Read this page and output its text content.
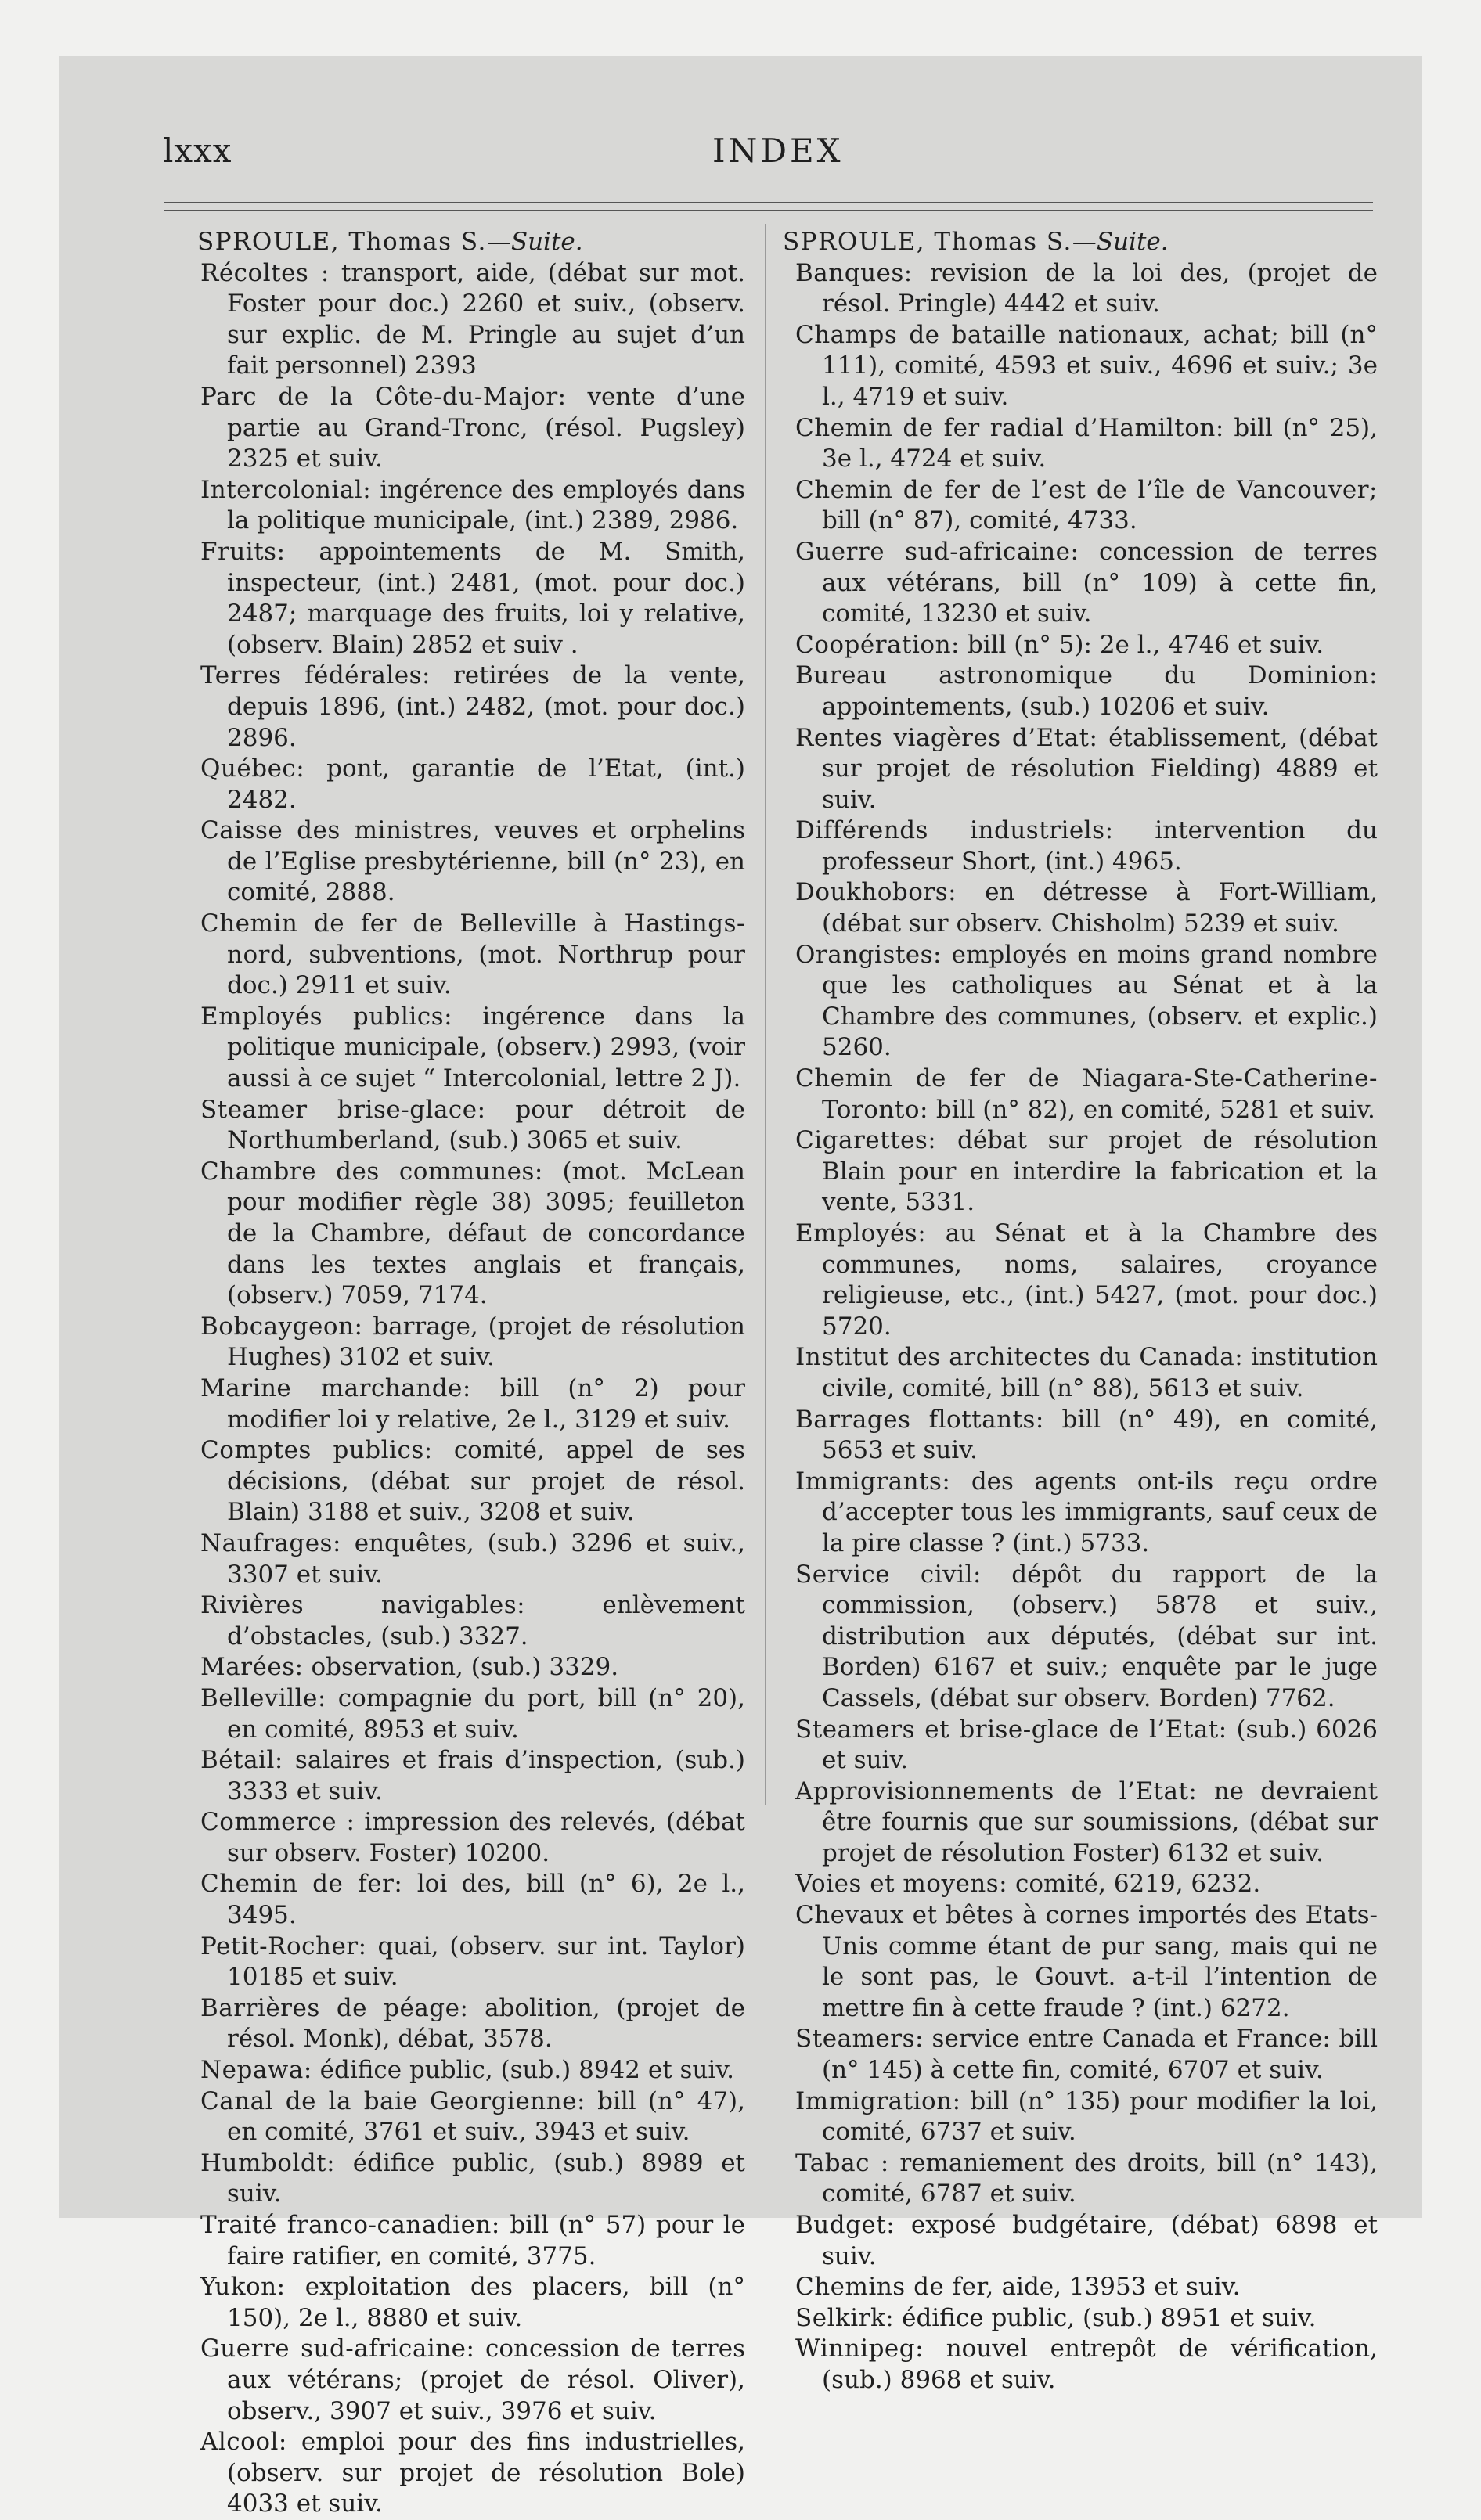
lxxx	INDEX
SPROULE, Thomas S.—Suite.
Récoltes : transport, aide, (débat sur mot. Foster pour doc.) 2260 et suiv., (observ. sur explic. de M. Pringle au sujet d’un fait personnel) 2393
Parc de la Côte-du-Major: vente d’une partie au Grand-Tronc, (résol. Pugsley) 2325 et suiv.
Intercolonial: ingérence des employés dans la politique municipale, (int.) 2389, 2986.
Fruits: appointements de M. Smith, inspecteur, (int.) 2481, (mot. pour doc.) 2487; marquage des fruits, loi y relative, (observ. Blain) 2852 et suiv .
Terres fédérales: retirées de la vente, depuis 1896, (int.) 2482, (mot. pour doc.) 2896.
Québec: pont, garantie de l’Etat, (int.) 2482.
Caisse des ministres, veuves et orphelins de l’Eglise presbytérienne, bill (n° 23), en comité, 2888.
Chemin de fer de Belleville à Hastings-nord, subventions, (mot. Northrup pour doc.) 2911 et suiv.
Employés publics: ingérence dans la politique municipale, (observ.) 2993, (voir aussi à ce sujet “ Intercolonial, lettre 2 J).
Steamer brise-glace: pour détroit de Northumberland, (sub.) 3065 et suiv.
Chambre des communes: (mot. McLean pour modifier règle 38) 3095; feuilleton de la Chambre, défaut de concordance dans les textes anglais et français, (observ.) 7059, 7174.
Bobcaygeon: barrage, (projet de résolution Hughes) 3102 et suiv.
Marine marchande: bill (n° 2) pour modifier loi y relative, 2e l., 3129 et suiv.
Comptes publics: comité, appel de ses décisions, (débat sur projet de résol. Blain) 3188 et suiv., 3208 et suiv.
Naufrages: enquêtes, (sub.) 3296 et suiv., 3307 et suiv.
Rivières navigables:	enlèvement d’obstacles, (sub.) 3327.
Marées: observation, (sub.) 3329.
Belleville: compagnie du port, bill (n° 20), en comité, 8953 et suiv.
Bétail: salaires et frais d’inspection, (sub.) 3333 et suiv.
Commerce : impression des relevés, (débat sur observ. Foster) 10200.
Chemin de fer: loi des, bill (n° 6), 2e l., 3495.
Petit-Rocher: quai, (observ. sur int. Taylor) 10185 et suiv.
Barrières de péage: abolition, (projet de résol. Monk), débat, 3578.
Nepawa: édifice public, (sub.) 8942 et suiv.
Canal de la baie Georgienne: bill (n° 47), en comité, 3761 et suiv., 3943 et suiv.
Humboldt: édifice public, (sub.) 8989 et suiv.
Traité franco-canadien: bill (n° 57) pour le faire ratifier, en comité, 3775.
Yukon: exploitation des placers, bill (n° 150), 2e l., 8880 et suiv.
Guerre sud-africaine: concession de terres aux vétérans; (projet de résol. Oliver), observ., 3907 et suiv., 3976 et suiv.
Alcool: emploi pour des fins industrielles, (observ. sur projet de résolution Bole) 4033 et suiv.
SPROULE, Thomas S.—Suite.
Banques: revision de la loi des, (projet de résol. Pringle) 4442 et suiv.
Champs de bataille nationaux, achat; bill (n° 111), comité, 4593 et suiv., 4696 et suiv.; 3e l., 4719 et suiv.
Chemin de fer radial d’Hamilton: bill (n° 25), 3e l., 4724 et suiv.
Chemin de fer de l’est de l’île de Vancouver; bill (n° 87), comité, 4733.
Guerre sud-africaine: concession de terres aux vétérans, bill (n° 109) à cette fin, comité, 13230 et suiv.
Coopération: bill (n° 5): 2e l., 4746 et suiv.
Bureau astronomique du Dominion: appointements, (sub.) 10206 et suiv.
Rentes viagères d’Etat: établissement, (débat sur projet de résolution Fielding) 4889 et suiv.
Différends industriels: intervention du professeur Short, (int.) 4965.
Doukhobors: en détresse à Fort-William, (débat sur observ. Chisholm) 5239 et suiv.
Orangistes: employés en moins grand nombre que les catholiques au Sénat et à la Chambre des communes, (observ. et explic.) 5260.
Chemin de fer de Niagara-Ste-Catherine-Toronto: bill (n° 82), en comité, 5281 et suiv.
Cigarettes: débat sur projet de résolution Blain pour en interdire la fabrication et la vente, 5331.
Employés: au Sénat et à la Chambre des communes, noms, salaires, croyance religieuse, etc., (int.) 5427, (mot. pour doc.) 5720.
Institut des architectes du Canada: institution civile, comité, bill (n° 88), 5613 et suiv.
Barrages flottants: bill (n° 49), en comité, 5653 et suiv.
Immigrants: des agents ont-ils reçu ordre d’accepter tous les immigrants, sauf ceux de la pire classe ? (int.) 5733.
Service civil: dépôt du rapport de la commission, (observ.) 5878 et suiv., distribution aux députés, (débat sur int. Borden) 6167 et suiv.; enquête par le juge Cassels, (débat sur observ. Borden) 7762.
Steamers et brise-glace de l’Etat: (sub.) 6026 et suiv.
Approvisionnements de l’Etat: ne devraient être fournis que sur soumissions, (débat sur projet de résolution Foster) 6132 et suiv.
Voies et moyens: comité, 6219, 6232.
Chevaux et bêtes à cornes importés des Etats-Unis comme étant de pur sang, mais qui ne le sont pas, le Gouvt. a-t-il l’intention de mettre fin à cette fraude ? (int.) 6272.
Steamers: service entre Canada et France: bill (n° 145) à cette fin, comité, 6707 et suiv.
Immigration: bill (n° 135) pour modifier la loi, comité, 6737 et suiv.
Tabac : remaniement des droits, bill (n° 143), comité, 6787 et suiv.
Budget: exposé budgétaire, (débat) 6898 et suiv.
Chemins de fer, aide, 13953 et suiv.
Selkirk: édifice public, (sub.) 8951 et suiv.
Winnipeg: nouvel entrepôt de vérification, (sub.) 8968 et suiv.
